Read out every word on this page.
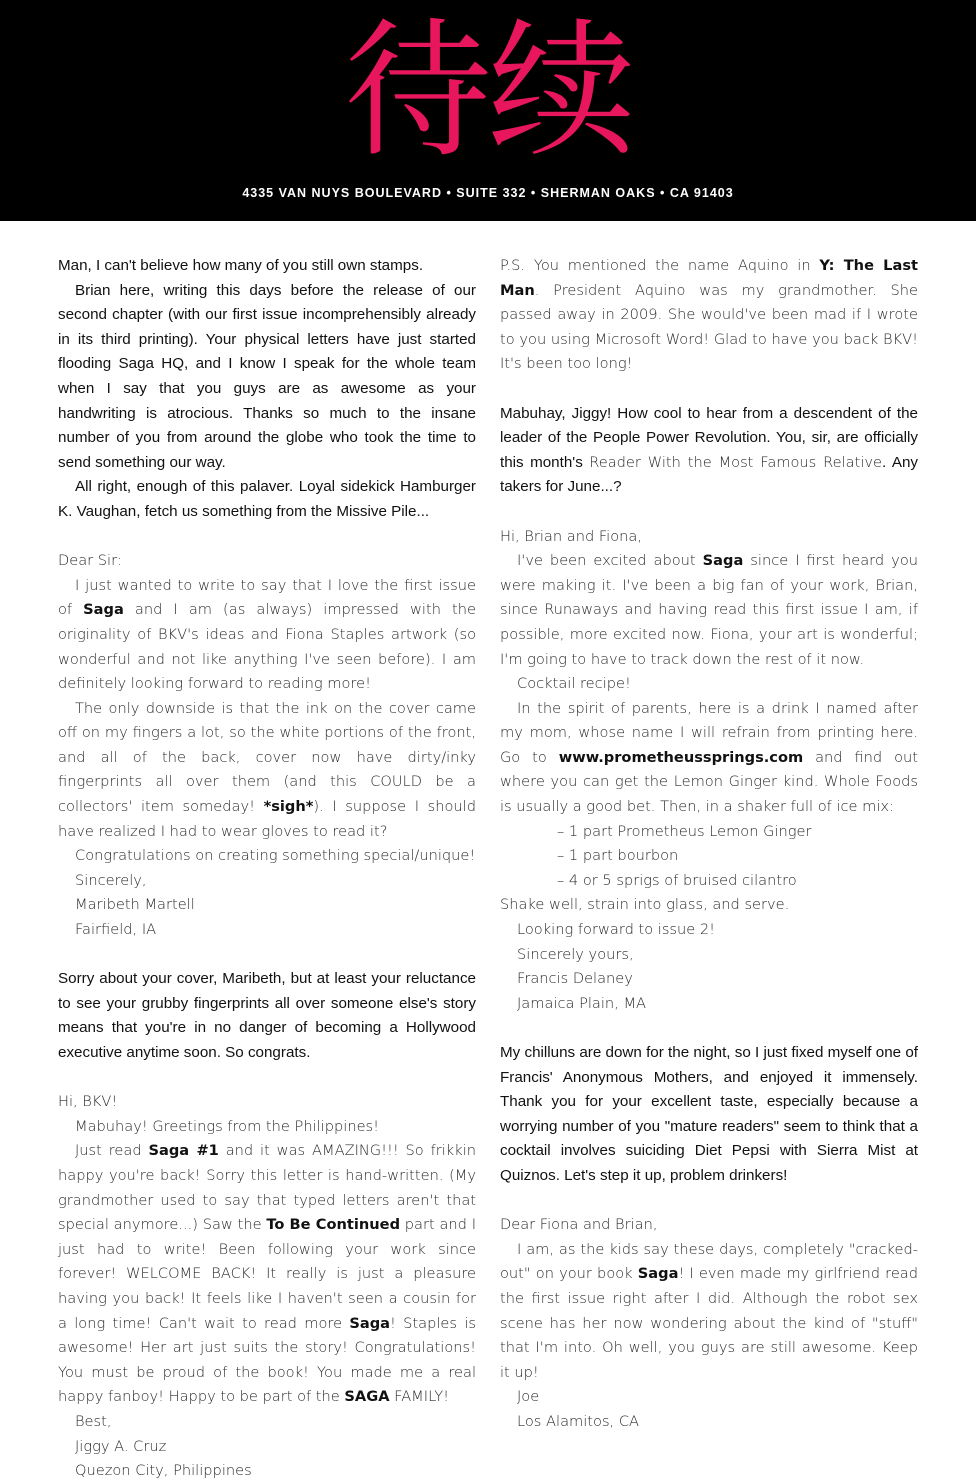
待续
4335 VAN NUYS BOULEVARD • SUITE 332 • SHERMAN OAKS • CA 91403

Man, I can't believe how many of you still own stamps.

Brian here, writing this days before the release of our second chapter (with our first issue incomprehensibly already in its third printing). Your physical letters have just started flooding Saga HQ, and I know I speak for the whole team when I say that you guys are as awesome as your handwriting is atrocious. Thanks so much to the insane number of you from around the globe who took the time to send something our way.

All right, enough of this palaver. Loyal sidekick Hamburger K. Vaughan, fetch us something from the Missive Pile...

Dear Sir:

I just wanted to write to say that I love the first issue of Saga and I am (as always) impressed with the originality of BKV's ideas and Fiona Staples artwork (so wonderful and not like anything I've seen before). I am definitely looking forward to reading more!

The only downside is that the ink on the cover came off on my fingers a lot, so the white portions of the front, and all of the back, cover now have dirty/inky fingerprints all over them (and this COULD be a collectors' item someday! *sigh*). I suppose I should have realized I had to wear gloves to read it?

Congratulations on creating something special/unique!

Sincerely,

Maribeth Martell

Fairfield, IA

Sorry about your cover, Maribeth, but at least your reluctance to see your grubby fingerprints all over someone else's story means that you're in no danger of becoming a Hollywood executive anytime soon. So congrats.

Hi, BKV!

Mabuhay! Greetings from the Philippines!

Just read Saga #1 and it was AMAZING!!! So frikkin happy you're back! Sorry this letter is hand-written. (My grandmother used to say that typed letters aren't that special anymore...) Saw the To Be Continued part and I just had to write! Been following your work since forever! WELCOME BACK! It really is just a pleasure having you back! It feels like I haven't seen a cousin for a long time! Can't wait to read more Saga! Staples is awesome! Her art just suits the story! Congratulations! You must be proud of the book! You made me a real happy fanboy! Happy to be part of the SAGA FAMILY!

Best,

Jiggy A. Cruz

Quezon City, Philippines

P.S. You mentioned the name Aquino in Y: The Last Man. President Aquino was my grandmother. She passed away in 2009. She would've been mad if I wrote to you using Microsoft Word! Glad to have you back BKV! It's been too long!

Mabuhay, Jiggy! How cool to hear from a descendent of the leader of the People Power Revolution. You, sir, are officially this month's Reader With the Most Famous Relative. Any takers for June...?

Hi, Brian and Fiona,

I've been excited about Saga since I first heard you were making it. I've been a big fan of your work, Brian, since Runaways and having read this first issue I am, if possible, more excited now. Fiona, your art is wonderful; I'm going to have to track down the rest of it now.

Cocktail recipe!

In the spirit of parents, here is a drink I named after my mom, whose name I will refrain from printing here. Go to www.prometheussprings.com and find out where you can get the Lemon Ginger kind. Whole Foods is usually a good bet. Then, in a shaker full of ice mix:

– 1 part Prometheus Lemon Ginger

– 1 part bourbon

– 4 or 5 sprigs of bruised cilantro

Shake well, strain into glass, and serve.

Looking forward to issue 2!

Sincerely yours,

Francis Delaney

Jamaica Plain, MA

My chilluns are down for the night, so I just fixed myself one of Francis' Anonymous Mothers, and enjoyed it immensely. Thank you for your excellent taste, especially because a worrying number of you "mature readers" seem to think that a cocktail involves suiciding Diet Pepsi with Sierra Mist at Quiznos. Let's step it up, problem drinkers!

Dear Fiona and Brian,

I am, as the kids say these days, completely "cracked-out" on your book Saga! I even made my girlfriend read the first issue right after I did. Although the robot sex scene has her now wondering about the kind of "stuff" that I'm into. Oh well, you guys are still awesome. Keep it up!

Joe

Los Alamitos, CA
